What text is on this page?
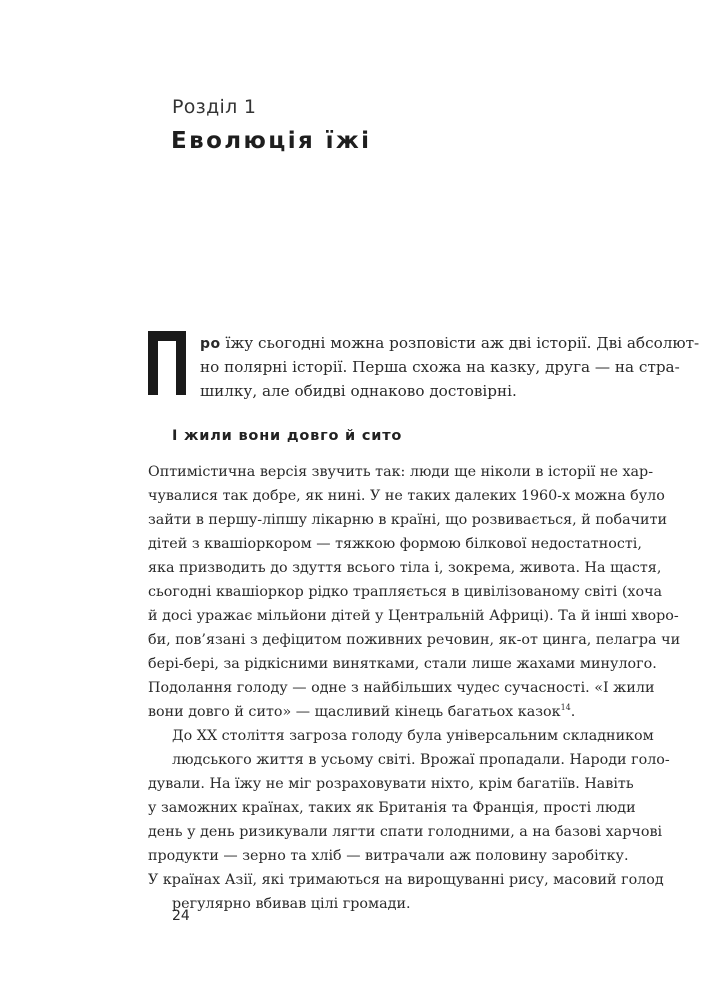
Розділ 1
Еволюція їжі
ро їжу сьогодні можна розповісти аж дві історії. Дві абсолют-
но полярні історії. Перша схожа на казку, друга — на стра-
шилку, але обидві однаково достовірні.
І жили вони довго й сито
Оптимістична версія звучить так: люди ще ніколи в історії не хар-
чувалися так добре, як нині. У не таких далеких 1960-х можна було
зайти в першу-ліпшу лікарню в країні, що розвивається, й побачити
дітей з квашіоркором — тяжкою формою білкової недостатності,
яка призводить до здуття всього тіла і, зокрема, живота. На щастя,
сьогодні квашіоркор рідко трапляється в цивілізованому світі (хоча
й досі уражає мільйони дітей у Центральній Африці). Та й інші хворо-
би, пов’язані з дефіцитом поживних речовин, як-от цинга, пелагра чи
бері-бері, за рідкісними винятками, стали лише жахами минулого.
Подолання голоду — одне з найбільших чудес сучасності. «І жили
вони довго й сито» — щасливий кінець багатьох казок$^{14}$.
До XX століття загроза голоду була універсальним складником
людського життя в усьому світі. Врожаї пропадали. Народи голо-
дували. На їжу не міг розраховувати ніхто, крім багатіїв. Навіть
у заможних країнах, таких як Британія та Франція, прості люди
день у день ризикували лягти спати голодними, а на базові харчові
продукти — зерно та хліб — витрачали аж половину заробітку.
У країнах Азії, які тримаються на вирощуванні рису, масовий голод
регулярно вбивав цілі громади.
24
